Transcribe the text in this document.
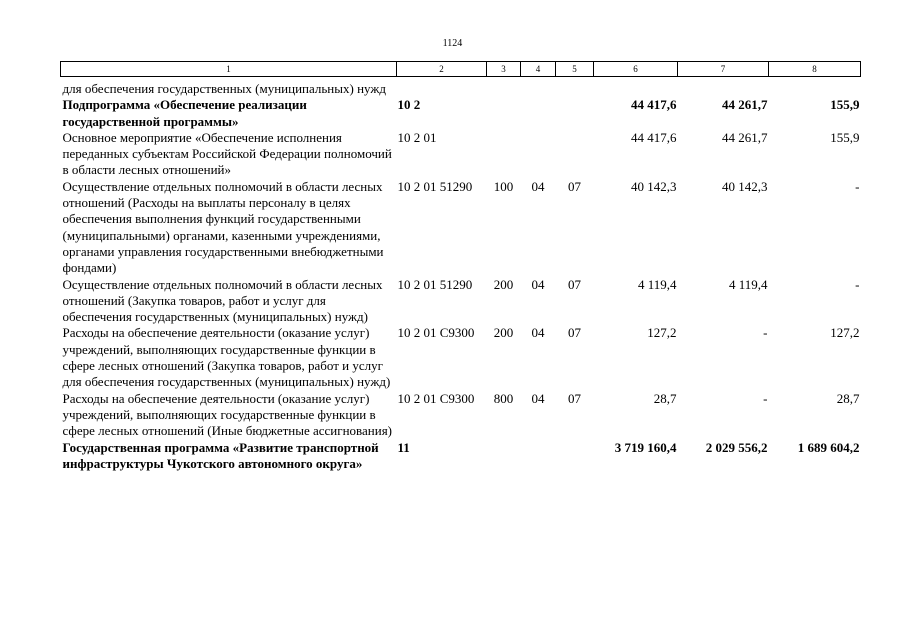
1124
1	2	3	4	5	6	7	8
для обеспечения государственных (муниципальных) нужд							
Подпрограмма «Обеспечение реализации государственной программы»	10 2				44 417,6	44 261,7	155,9
Основное мероприятие «Обеспечение исполнения переданных субъектам Российской Федерации полномочий в области лесных отношений»	10 2 01				44 417,6	44 261,7	155,9
Осуществление отдельных полномочий в области лесных отношений (Расходы на выплаты персоналу в целях обеспечения выполнения функций государственными (муниципальными) органами, казенными учреждениями, органами управления государственными внебюджетными фондами)	10 2 01 51290	100	04	07	40 142,3	40 142,3	-
Осуществление отдельных полномочий в области лесных отношений (Закупка товаров, работ и услуг для обеспечения государственных (муниципальных) нужд)	10 2 01 51290	200	04	07	4 119,4	4 119,4	-
Расходы на обеспечение деятельности (оказание услуг) учреждений, выполняющих государственные функции в сфере лесных отношений (Закупка товаров, работ и услуг для обеспечения государственных (муниципальных) нужд)	10 2 01 С9300	200	04	07	127,2	-	127,2
Расходы на обеспечение деятельности (оказание услуг) учреждений, выполняющих государственные функции в сфере лесных отношений (Иные бюджетные ассигнования)	10 2 01 С9300	800	04	07	28,7	-	28,7
Государственная программа «Развитие транспортной инфраструктуры Чукотского автономного округа»	11				3 719 160,4	2 029 556,2	1 689 604,2
